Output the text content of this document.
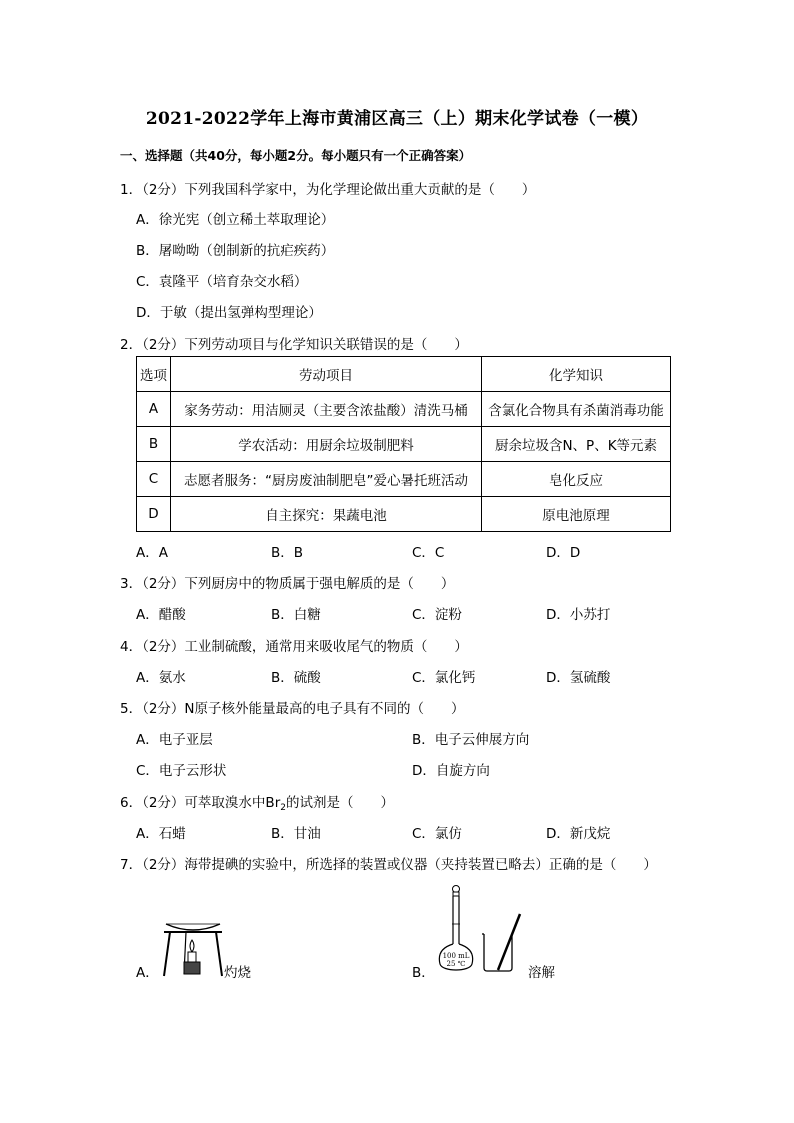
2021-2022学年上海市黄浦区高三（上）期末化学试卷（一模）
一、选择题（共40分，每小题2分。每小题只有一个正确答案）
1．（2分）下列我国科学家中，为化学理论做出重大贡献的是（　　）
A．徐光宪（创立稀土萃取理论）
B．屠呦呦（创制新的抗疟疾药）
C．袁隆平（培育杂交水稻）
D．于敏（提出氢弹构型理论）
2．（2分）下列劳动项目与化学知识关联错误的是（　　）
选项	劳动项目	化学知识
A	家务劳动：用洁厕灵（主要含浓盐酸）清洗马桶	含氯化合物具有杀菌消毒功能
B	学农活动：用厨余垃圾制肥料	厨余垃圾含N、P、K等元素
C	志愿者服务：“厨房废油制肥皂”爱心暑托班活动	皂化反应
D	自主探究：果蔬电池	原电池原理
A．A	B．B	C．C	D．D
3．（2分）下列厨房中的物质属于强电解质的是（　　）
A．醋酸	B．白糖	C．淀粉	D．小苏打
4．（2分）工业制硫酸，通常用来吸收尾气的物质（　　）
A．氨水	B．硫酸	C．氯化钙	D．氢硫酸
5．（2分）N原子核外能量最高的电子具有不同的（　　）
A．电子亚层	B．电子云伸展方向
C．电子云形状	D．自旋方向
6．（2分）可萃取溴水中$Br_2$的试剂是（　　）
A．石蜡	B．甘油	C．氯仿	D．新戊烷
7．（2分）海带提碘的实验中，所选择的装置或仪器（夹持装置已略去）正确的是（　　）
A．	灼烧	B．
100 mL
25 ℃
溶解
